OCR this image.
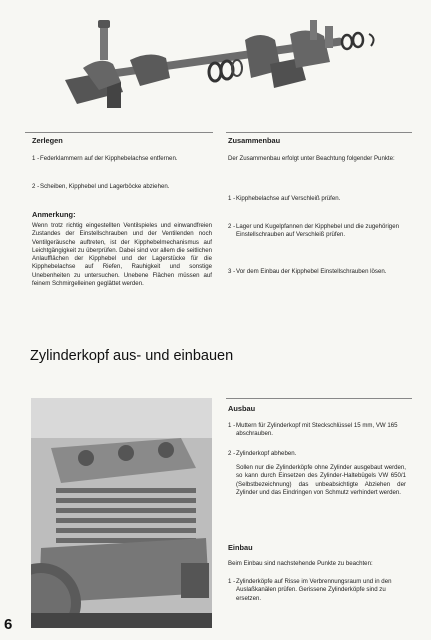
Zerlegen
1 - Federklammern auf der Kipphebelachse entfernen.
2 - Scheiben, Kipphebel und Lagerböcke abziehen.
Anmerkung:
Wenn trotz richtig eingestellten Ventilspieles und einwandfreien Zustandes der Einstellschrauben und der Ventilenden noch Ventilgeräusche auftreten, ist der Kipphebelmechanismus auf Leichtgängigkeit zu überprüfen. Dabei sind vor allem die seitlichen Anlaufflächen der Kipphebel und der Lagerstücke für die Kipphebelachse auf Riefen, Rauhigkeit und sonstige Unebenheiten zu untersuchen. Unebene Flächen müssen auf feinem Schmirgelleinen geglättet werden.
Zusammenbau
Der Zusammenbau erfolgt unter Beachtung folgender Punkte:
1 - Kipphebelachse auf Verschleiß prüfen.
2 - Lager und Kugelpfannen der Kipphebel und die zugehörigen Einstellschrauben auf Verschleiß prüfen.
3 - Vor dem Einbau der Kipphebel Einstellschrauben lösen.
Zylinderkopf aus- und einbauen
Ausbau
1 - Muttern für Zylinderkopf mit Steckschlüssel 15 mm, VW 165 abschrauben.
2 - Zylinderkopf abheben.
Sollen nur die Zylinderköpfe ohne Zylinder ausgebaut werden, so kann durch Einsetzen des Zylinder-Haltebügels VW 650/1 (Selbstbezeichnung) das unbeabsichtigte Abziehen der Zylinder und das Eindringen von Schmutz verhindert werden.
Einbau
Beim Einbau sind nachstehende Punkte zu beachten:
1 - Zylinderköpfe auf Risse im Verbrennungsraum und in den Auslaßkanälen prüfen. Gerissene Zylinderköpfe sind zu ersetzen.
6
